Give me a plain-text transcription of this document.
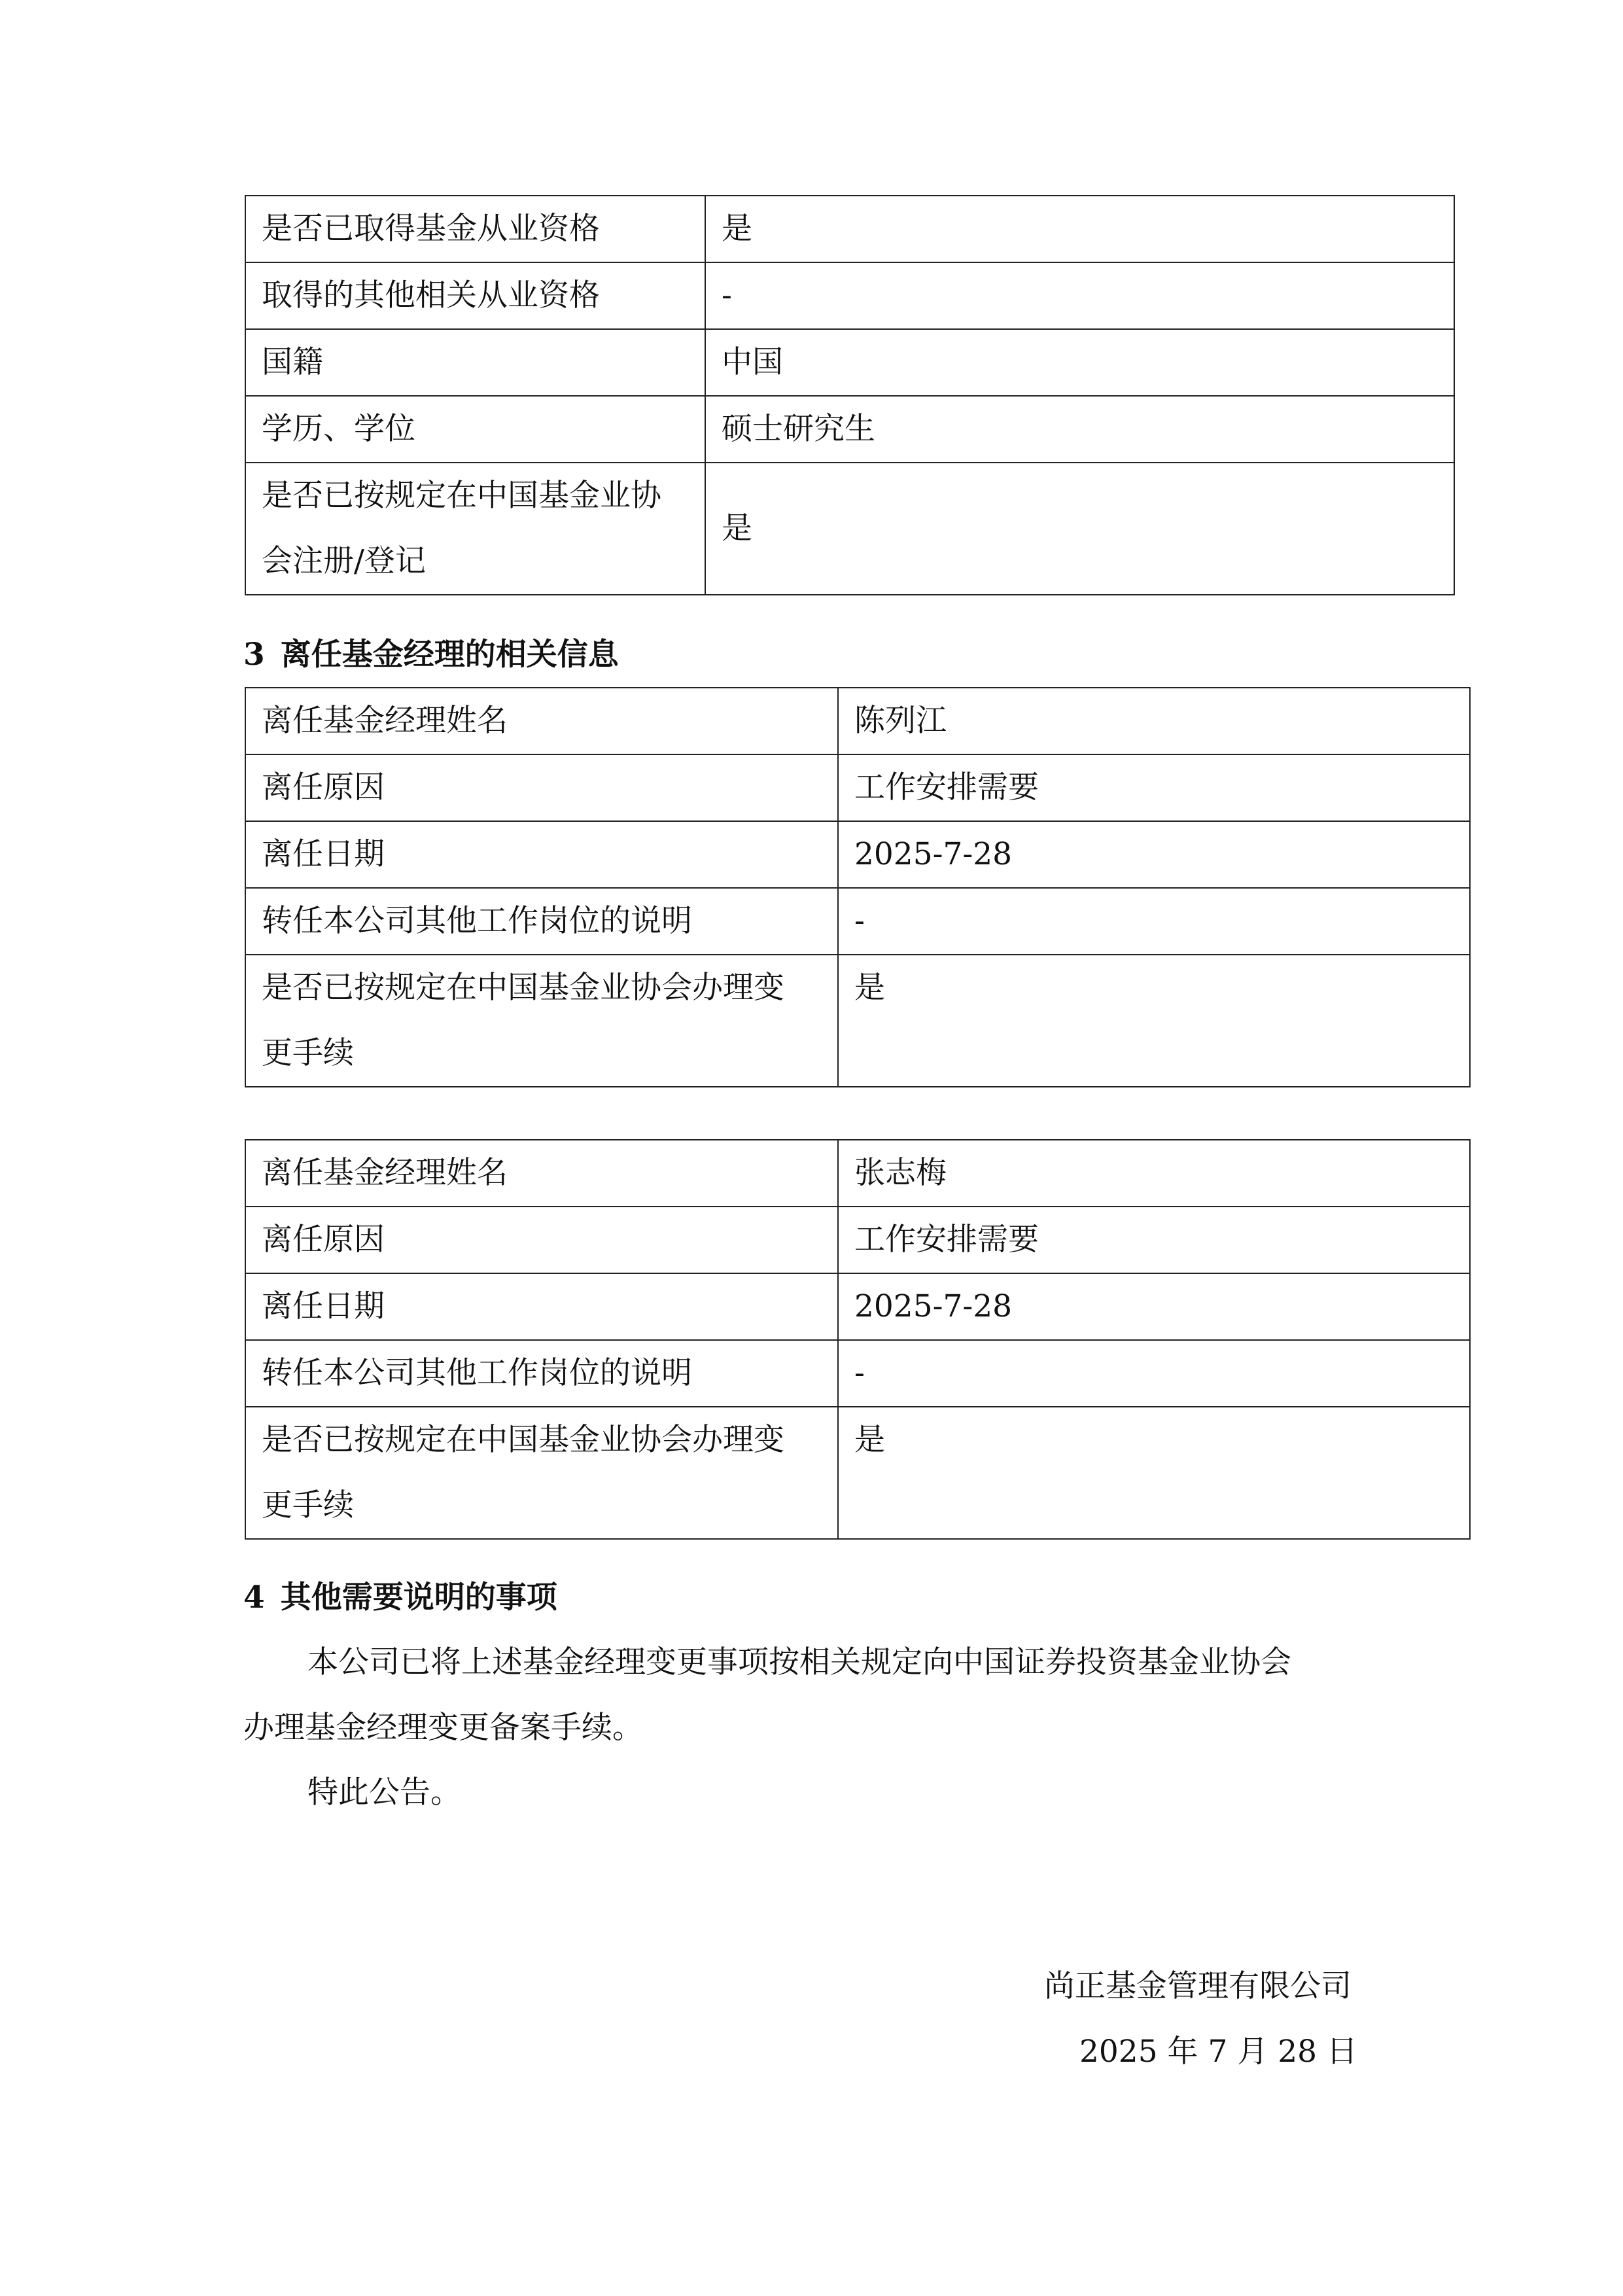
是否已取得基金从业资格	是
取得的其他相关从业资格	-
国籍	中国
学历、学位	硕士研究生

是否已按规定在中国基金业协
会注册/登记	是
3 离任基金经理的相关信息
离任基金经理姓名	陈列江
离任原因	工作安排需要
离任日期	2025-7-28
转任本公司其他工作岗位的说明	-

是否已按规定在中国基金业协会办理变
更手续	是
离任基金经理姓名	张志梅
离任原因	工作安排需要
离任日期	2025-7-28
转任本公司其他工作岗位的说明	-

是否已按规定在中国基金业协会办理变
更手续	是
4 其他需要说明的事项

本公司已将上述基金经理变更事项按相关规定向中国证券投资基金业协会

办理基金经理变更备案手续。

特此公告。

尚正基金管理有限公司

2025 年 7 月 28 日
